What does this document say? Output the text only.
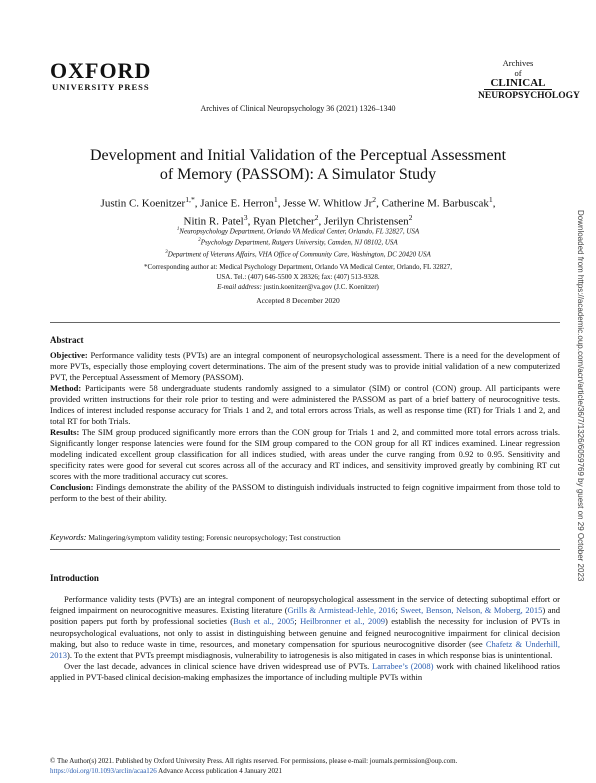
OXFORD
UNIVERSITY PRESS
Archives
of
CLINICAL
NEUROPSYCHOLOGY
Archives of Clinical Neuropsychology 36 (2021) 1326–1340
Development and Initial Validation of the Perceptual Assessment
of Memory (PASSOM): A Simulator Study
Justin C. Koenitzer$^{1,*}$, Janice E. Herron$^1$, Jesse W. Whitlow Jr$^2$, Catherine M. Barbuscak$^1$,
Nitin R. Patel$^3$, Ryan Pletcher$^2$, Jerilyn Christensen$^2$
$^1$Neuropsychology Department, Orlando VA Medical Center, Orlando, FL 32827, USA
$^2$Psychology Department, Rutgers University, Camden, NJ 08102, USA
$^3$Department of Veterans Affairs, VHA Office of Community Care, Washington, DC 20420 USA
*Corresponding author at: Medical Psychology Department, Orlando VA Medical Center, Orlando, FL 32827,
USA. Tel.: (407) 646-5500 X 28326; fax: (407) 513-9328.
E-mail address: justin.koenitzer@va.gov (J.C. Koenitzer)
Accepted 8 December 2020
Abstract

Objective: Performance validity tests (PVTs) are an integral component of neuropsychological assessment. There is a need for the development of more PVTs, especially those employing covert determinations. The aim of the present study was to provide initial validation of a new computerized PVT, the Perceptual Assessment of Memory (PASSOM).

Method: Participants were 58 undergraduate students randomly assigned to a simulator (SIM) or control (CON) group. All participants were provided written instructions for their role prior to testing and were administered the PASSOM as part of a brief battery of neurocognitive tests. Indices of interest included response accuracy for Trials 1 and 2, and total errors across Trials, as well as response time (RT) for Trials 1 and 2, and total RT for both Trials.

Results: The SIM group produced significantly more errors than the CON group for Trials 1 and 2, and committed more total errors across trials. Significantly longer response latencies were found for the SIM group compared to the CON group for all RT indices examined. Linear regression modeling indicated excellent group classification for all indices studied, with areas under the curve ranging from 0.92 to 0.95. Sensitivity and specificity rates were good for several cut scores across all of the accuracy and RT indices, and sensitivity improved greatly by combining RT cut scores with the more traditional accuracy cut scores.

Conclusion: Findings demonstrate the ability of the PASSOM to distinguish individuals instructed to feign cognitive impairment from those told to perform to the best of their ability.

Keywords: Malingering/symptom validity testing; Forensic neuropsychology; Test construction
Introduction

Performance validity tests (PVTs) are an integral component of neuropsychological assessment in the service of detecting suboptimal effort or feigned impairment on neurocognitive measures. Existing literature (Grills & Armistead-Jehle, 2016; Sweet, Benson, Nelson, & Moberg, 2015) and position papers put forth by professional societies (Bush et al., 2005; Heilbronner et al., 2009) establish the necessity for inclusion of PVTs in neuropsychological evaluations, not only to assist in distinguishing between genuine and feigned neurocognitive impairment for clinical decision making, but also to reduce waste in time, resources, and monetary compensation for spurious neurocognitive disorder (see Chafetz & Underhill, 2013). To the extent that PVTs preempt misdiagnosis, vulnerability to iatrogenesis is also mitigated in cases in which response bias is unintentional.

Over the last decade, advances in clinical science have driven widespread use of PVTs. Larrabee’s (2008) work with chained likelihood ratios applied in PVT-based clinical decision-making emphasizes the importance of including multiple PVTs within

© The Author(s) 2021. Published by Oxford University Press. All rights reserved. For permissions, please e-mail: journals.permission@oup.com.
https://doi.org/10.1093/arclin/acaa126 Advance Access publication 4 January 2021
Downloaded from https://academic.oup.com/acn/article/36/7/1326/6059769 by guest on 29 October 2023
